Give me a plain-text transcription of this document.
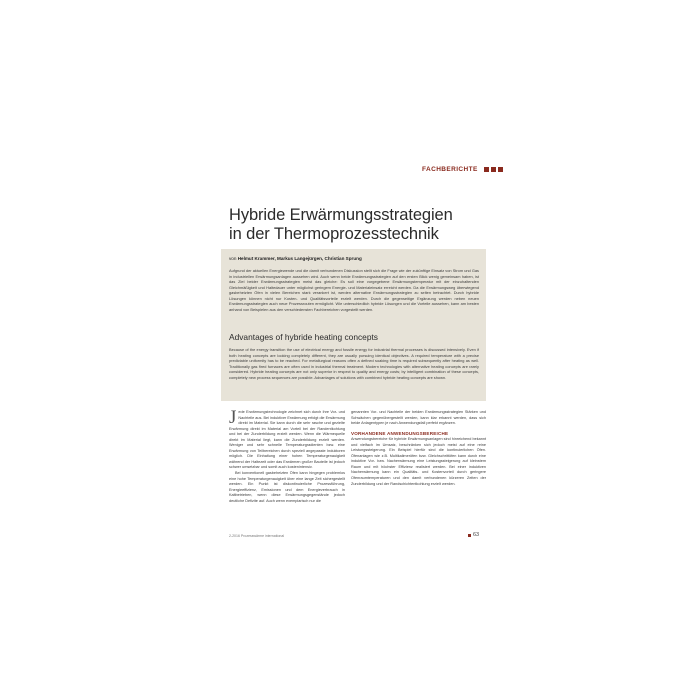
FACHBERICHTE
Hybride Erwärmungsstrategien
in der Thermoprozesstechnik
von Helmut Krammer, Markus Langejürgen, Christian Sprung
Aufgrund der aktuellen Energiewende und die damit verbundenen Diskussion stellt sich die Frage wie der zukünftige Einsatz von Strom und Gas in industriellen Erwärmungsanlagen aussehen wird. Auch wenn beide Erwärmungsstrategien auf den ersten Blick wenig gemeinsam haben, ist das Ziel beider Erwärmungsstrategien meist das gleiche: Es soll eine vorgegebene Erwärmungstemperatur mit der einzuhaltenden Gleichmäßigkeit und Haltedauer unter möglichst geringem Energie- und Materialeinsatz erreicht werden. Da die Erwärmungsweg überwiegend gasbeheizten Öfen in vielen Bereichen stark verankert ist, werden alternative Erwärmungsstrategien zu selten betrachtet. Durch hybride Lösungen können nicht nur Kosten- und Qualitätsvorteile erzielt werden. Durch die gegenseitige Ergänzung werden neben neuen Erwärmungsstrategien auch neue Prozessrouten ermöglicht. Wie unterschiedlich hybride Lösungen und die Vorteile aussehen, kann am besten anhand von Beispielen aus den verschiedensten Fachbereichen vorgestellt werden.
Advantages of hybride heating concepts
Because of the energy transition the use of electrical energy and fossile energy for industrial thermal processes is discussed intensively. Even if both heating concepts are looking completely different, they are usually pursuing identical objectives. A required temperature with a precise predictable uniformity has to be reached. For metallurgical reasons often a defined soaking time is required subsequently after heating as well. Traditionally gas fired furnaces are often used in industrial thermal treatment. Modern technologies with alternative heating concepts are rarely considered. Hybride heating concepts are not only superior in respect to quality and energy costs; by intelligent combination of these concepts, completely new process sequences are possible. Advantages of solutions with combined hybride heating concepts are shown.

J ede Erwärmungstechnologie zeichnet sich durch ihre Vor- und Nachteile aus. Bei induktiver Erwärmung erfolgt die Erwärmung direkt im Material. Sie kann durch die sehr rasche und gezielte Erwärmung direkt im Material am Vorteil bei der Randentkohlung und bei der Zunderbildung erzielt werden. Wenn die Wärmequelle direkt im Material liegt, kann die Zunderbildung erzielt werden. Weniger und sehr schnelle Temperaturgradienten bzw. eine Erwärmung von Teilbereichen durch speziell angepasste Induktoren möglich. Die Einhaltung einer hohen Temperaturgenauigkeit während der Haltezeit oder das Erwärmen großer Bauteile ist jedoch schwer umsetzbar und somit auch kostenintensiv.

Bei konventionell gasbeheizten Öfen kann hingegen problemlos eine hohe Temperaturgenauigkeit über eine lange Zeit sichergestellt werden. Ein Punkt ist diskontinuierliche Prozessführung, Energieeffizienz, Emissionen und dem Energieverbrauch in Kaltbetrieben, wenn diese Erwärmungsgegenstände jedoch deutliche Defizite auf. Auch wenn exemplarisch nur die

genannten Vor- und Nachteile der beiden Erwärmungsstrategien Stärken und Schwächen gegenübergestellt werden, kann klar erkannt werden, dass sich beide Anlagentypen je nach Anwendungsfall perfekt ergänzen.

VORHANDENE ANWENDUNGSBEREICHE

Anwendungsbereiche für hybride Erwärmungsanlagen sind hinreichend bekannt und vielfach im Umsatz, beschränken sich jedoch meist auf eine reine Leistungssteigerung. Ein Beispiel hierfür sind die kontinuierlichen Öfen. Öfenanlagen wie z.B. Multikalimeröfen bzw. Gleichschrittöfen kann durch eine induktive Vor- bzw. Nacherwärmung eine Leistungssteigerung auf kleinstem Raum und mit höchster Effizienz realisiert werden. Bei einer induktiven Nacherwärmung kann ein Qualitäts- und Kostenvorteil durch geringere Ofenraumtemperaturen und den damit verbundenen kürzeren Zeiten der Zunderbildung und der Randschichtentkohlung erzielt werden.

2-2016 Prozesswärme international	63
